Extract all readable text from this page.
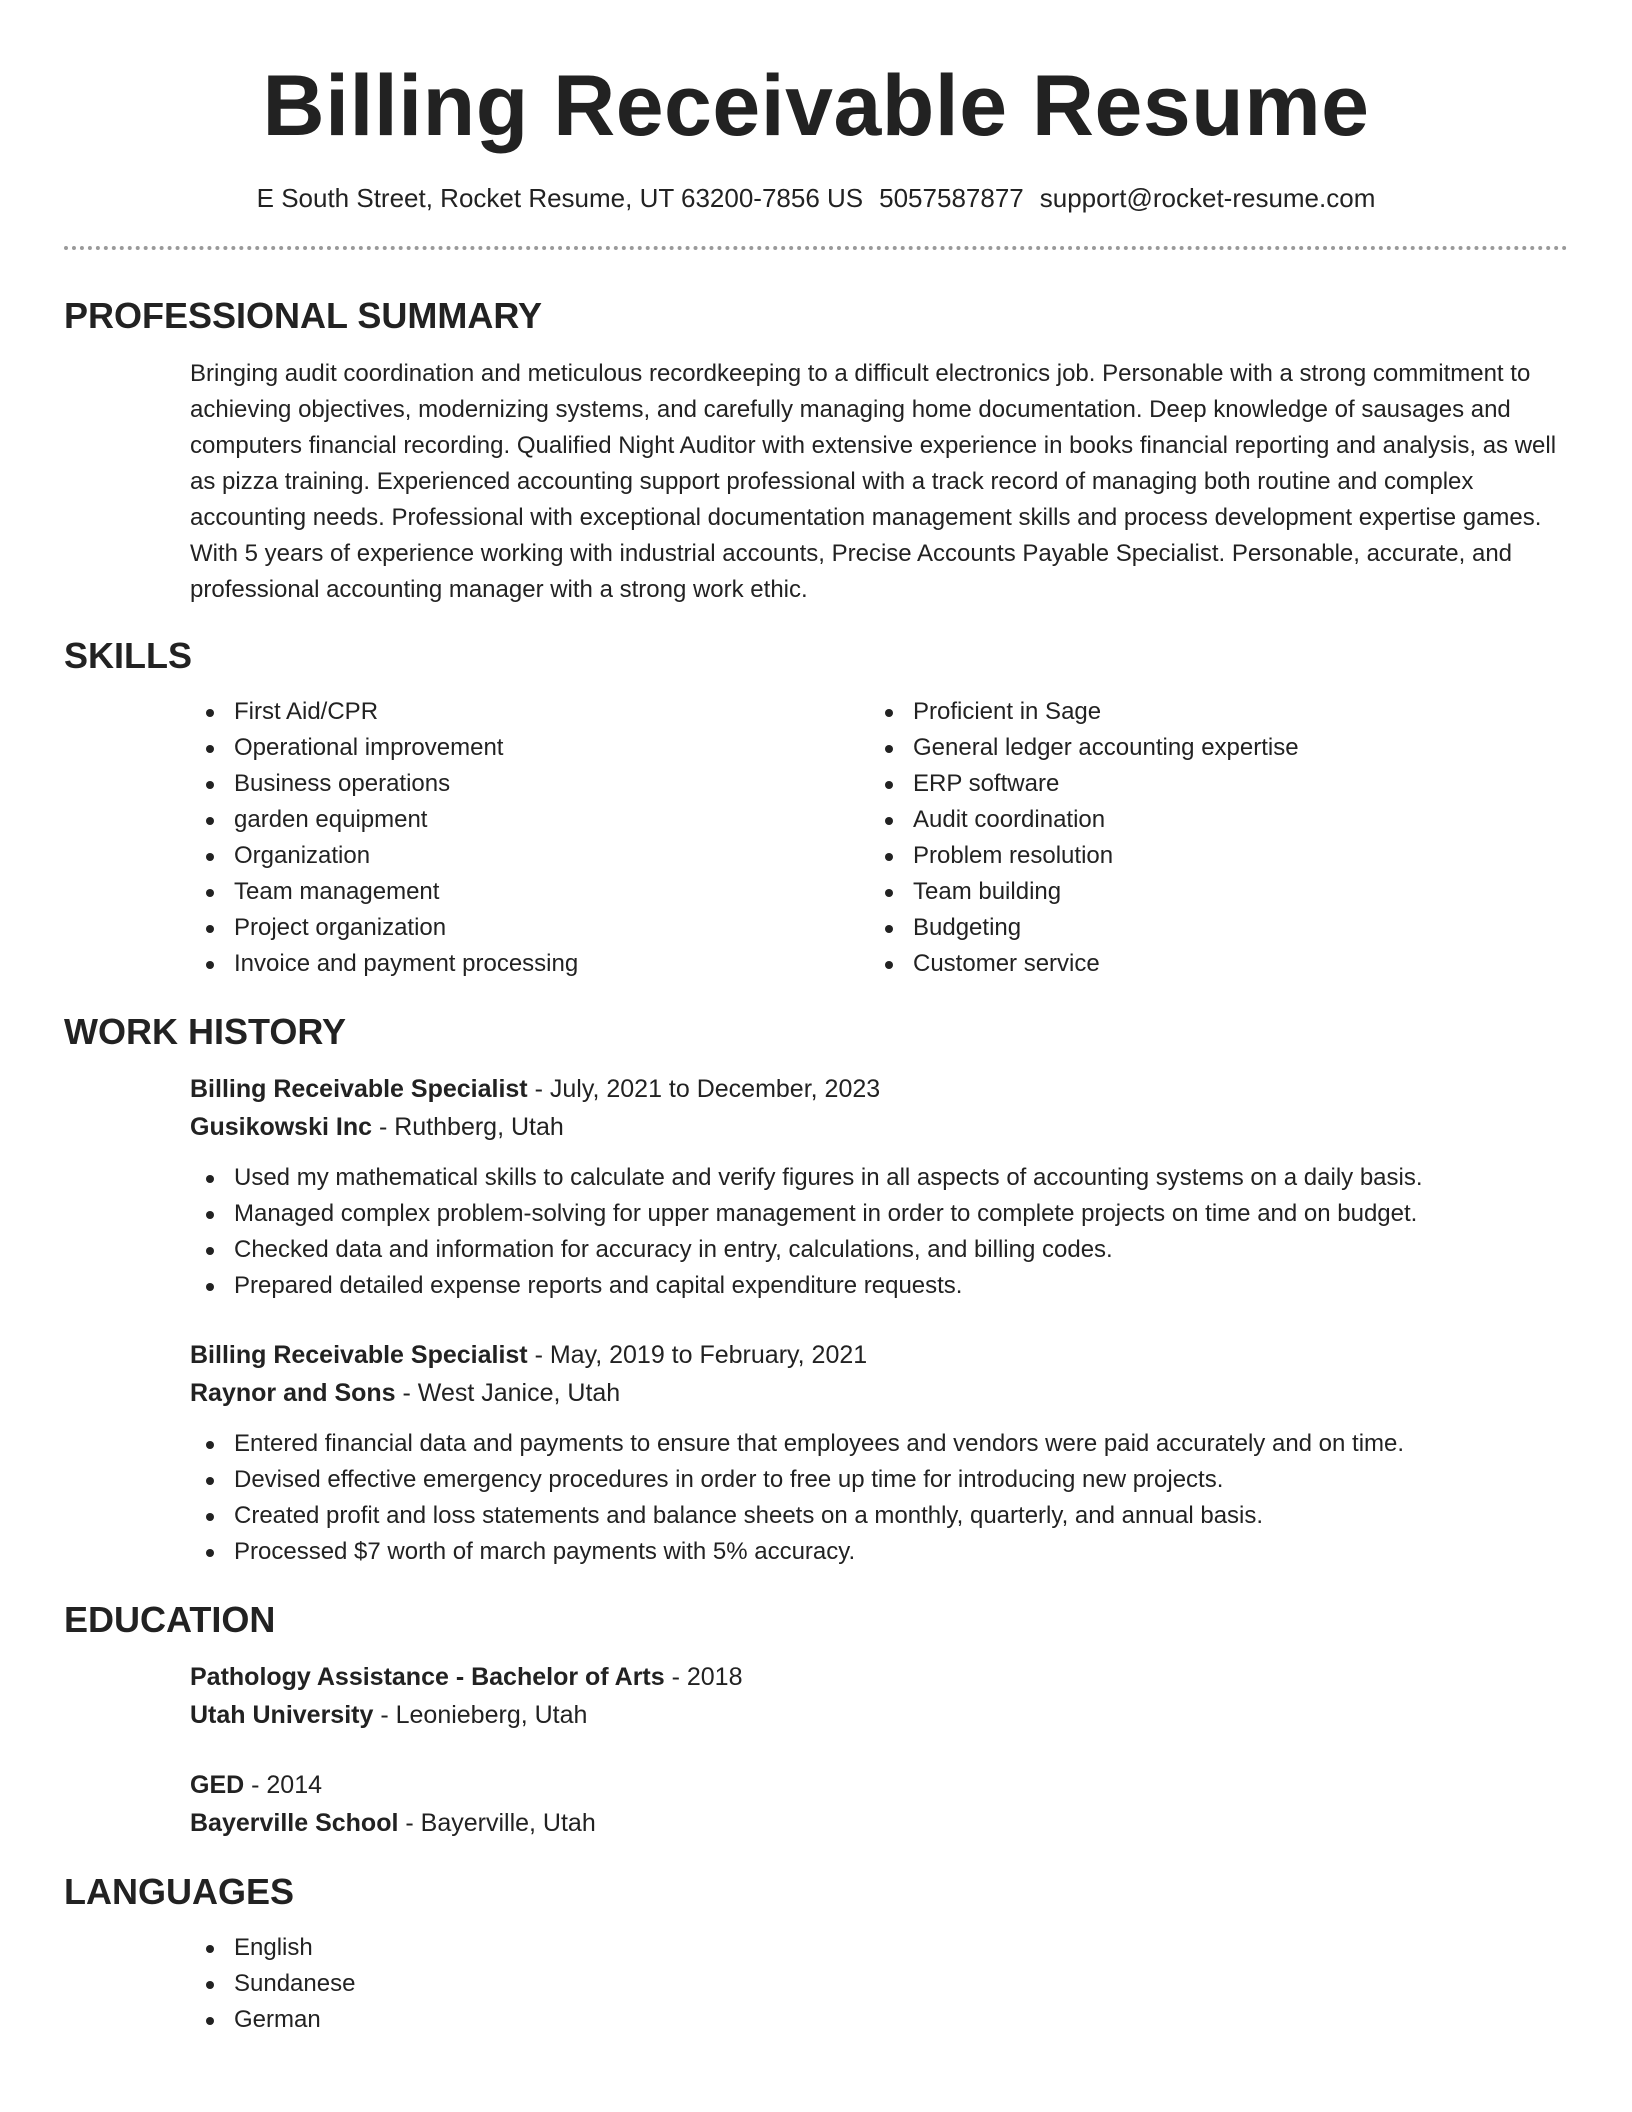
Billing Receivable Resume
E South Street, Rocket Resume, UT 63200-7856 US 5057587877 support@rocket-resume.com
PROFESSIONAL SUMMARY

Bringing audit coordination and meticulous recordkeeping to a difficult electronics job. Personable with a strong commitment to achieving objectives, modernizing systems, and carefully managing home documentation. Deep knowledge of sausages and computers financial recording. Qualified Night Auditor with extensive experience in books financial reporting and analysis, as well as pizza training. Experienced accounting support professional with a track record of managing both routine and complex accounting needs. Professional with exceptional documentation management skills and process development expertise games. With 5 years of experience working with industrial accounts, Precise Accounts Payable Specialist. Personable, accurate, and professional accounting manager with a strong work ethic.

SKILLS
First Aid/CPR
Operational improvement
Business operations
garden equipment
Organization
Team management
Project organization
Invoice and payment processing
Proficient in Sage
General ledger accounting expertise
ERP software
Audit coordination
Problem resolution
Team building
Budgeting
Customer service
WORK HISTORY
Billing Receivable Specialist - July, 2021 to December, 2023
Gusikowski Inc - Ruthberg, Utah
Used my mathematical skills to calculate and verify figures in all aspects of accounting systems on a daily basis.
Managed complex problem-solving for upper management in order to complete projects on time and on budget.
Checked data and information for accuracy in entry, calculations, and billing codes.
Prepared detailed expense reports and capital expenditure requests.
Billing Receivable Specialist - May, 2019 to February, 2021
Raynor and Sons - West Janice, Utah
Entered financial data and payments to ensure that employees and vendors were paid accurately and on time.
Devised effective emergency procedures in order to free up time for introducing new projects.
Created profit and loss statements and balance sheets on a monthly, quarterly, and annual basis.
Processed $7 worth of march payments with 5% accuracy.
EDUCATION
Pathology Assistance - Bachelor of Arts - 2018
Utah University - Leonieberg, Utah
GED - 2014
Bayerville School - Bayerville, Utah
LANGUAGES
English
Sundanese
German
